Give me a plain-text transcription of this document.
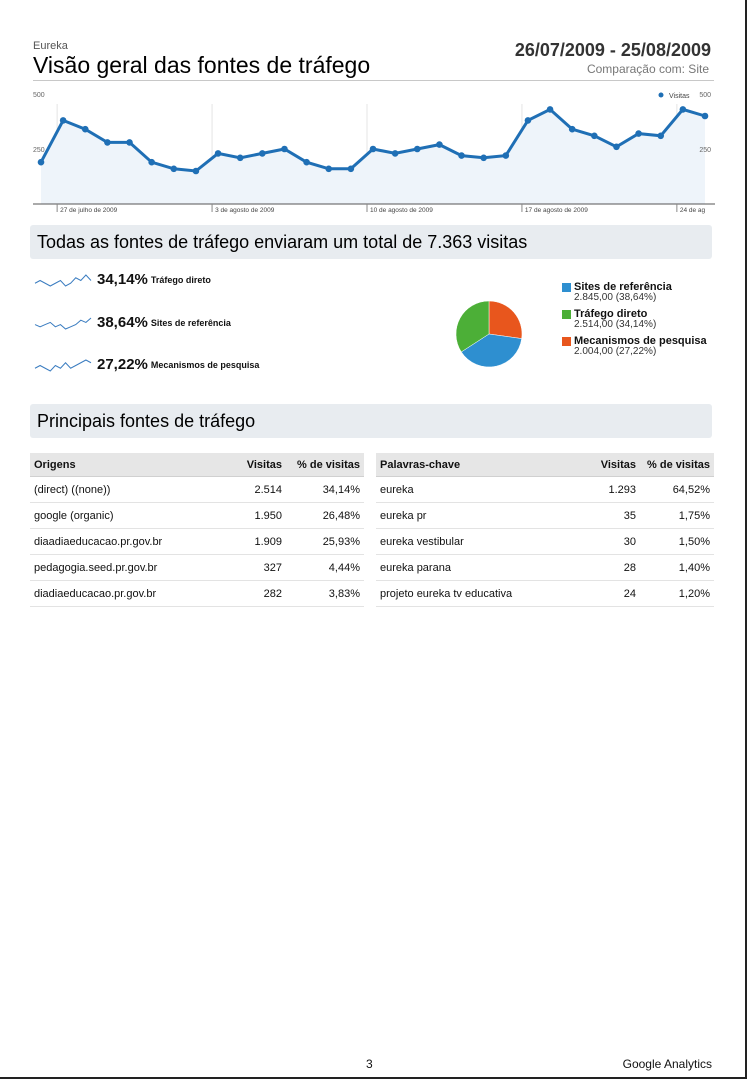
Eureka
Visão geral das fontes de tráfego
26/07/2009 - 25/08/2009
Comparação com: Site
500	500
250	250
27 de julho de 2009	3 de agosto de 2009	10 de agosto de 2009	17 de agosto de 2009	24 de ag
Visitas
Todas as fontes de tráfego enviaram um total de 7.363 visitas
34,14% Tráfego direto
38,64% Sites de referência
27,22% Mecanismos de pesquisa
Sites de referência
2.845,00 (38,64%)
Tráfego direto
2.514,00 (34,14%)
Mecanismos de pesquisa
2.004,00 (27,22%)
Principais fontes de tráfego
Origens	Visitas	% de visitas
(direct) ((none))	2.514	34,14%
google (organic)	1.950	26,48%
diaadiaeducacao.pr.gov.br	1.909	25,93%
pedagogia.seed.pr.gov.br	327	4,44%
diadiaeducacao.pr.gov.br	282	3,83%
Palavras-chave	Visitas	% de visitas
eureka	1.293	64,52%
eureka pr	35	1,75%
eureka vestibular	30	1,50%
eureka parana	28	1,40%
projeto eureka tv educativa	24	1,20%
3	Google Analytics
